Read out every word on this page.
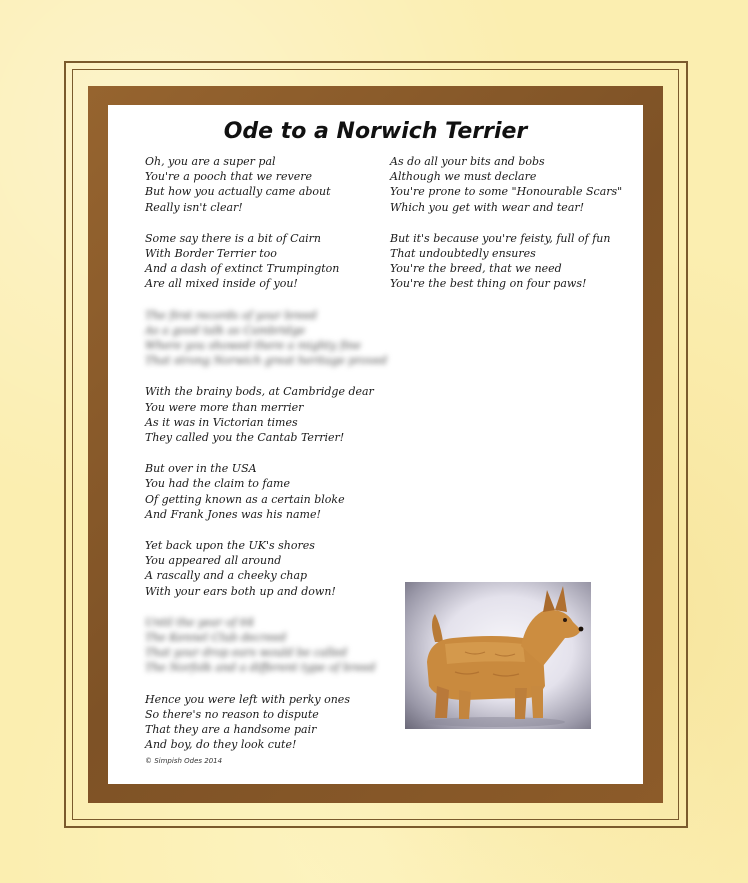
Ode to a Norwich Terrier
Oh, you are a super pal
You're a pooch that we revere
But how you actually came about
Really isn't clear!
Some say there is a bit of Cairn
With Border Terrier too
And a dash of extinct Trumpington
Are all mixed inside of you!
The first records of your breed
As a good talk as Cambridge
Where you showed there a mighty fine
That strong Norwich great heritage proved
With the brainy bods, at Cambridge dear
You were more than merrier
As it was in Victorian times
They called you the Cantab Terrier!
But over in the USA
You had the claim to fame
Of getting known as a certain bloke
And Frank Jones was his name!
Yet back upon the UK's shores
You appeared all around
A rascally and a cheeky chap
With your ears both up and down!
Until the year of 64
The Kennel Club decreed
That your drop ears would be called
The Norfolk and a different type of breed
Hence you were left with perky ones
So there's no reason to dispute
That they are a handsome pair
And boy, do they look cute!
As do all your bits and bobs
Although we must declare
You're prone to some "Honourable Scars"
Which you get with wear and tear!
But it's because you're feisty, full of fun
That undoubtedly ensures
You're the breed, that we need
You're the best thing on four paws!
© Simpish Odes 2014
